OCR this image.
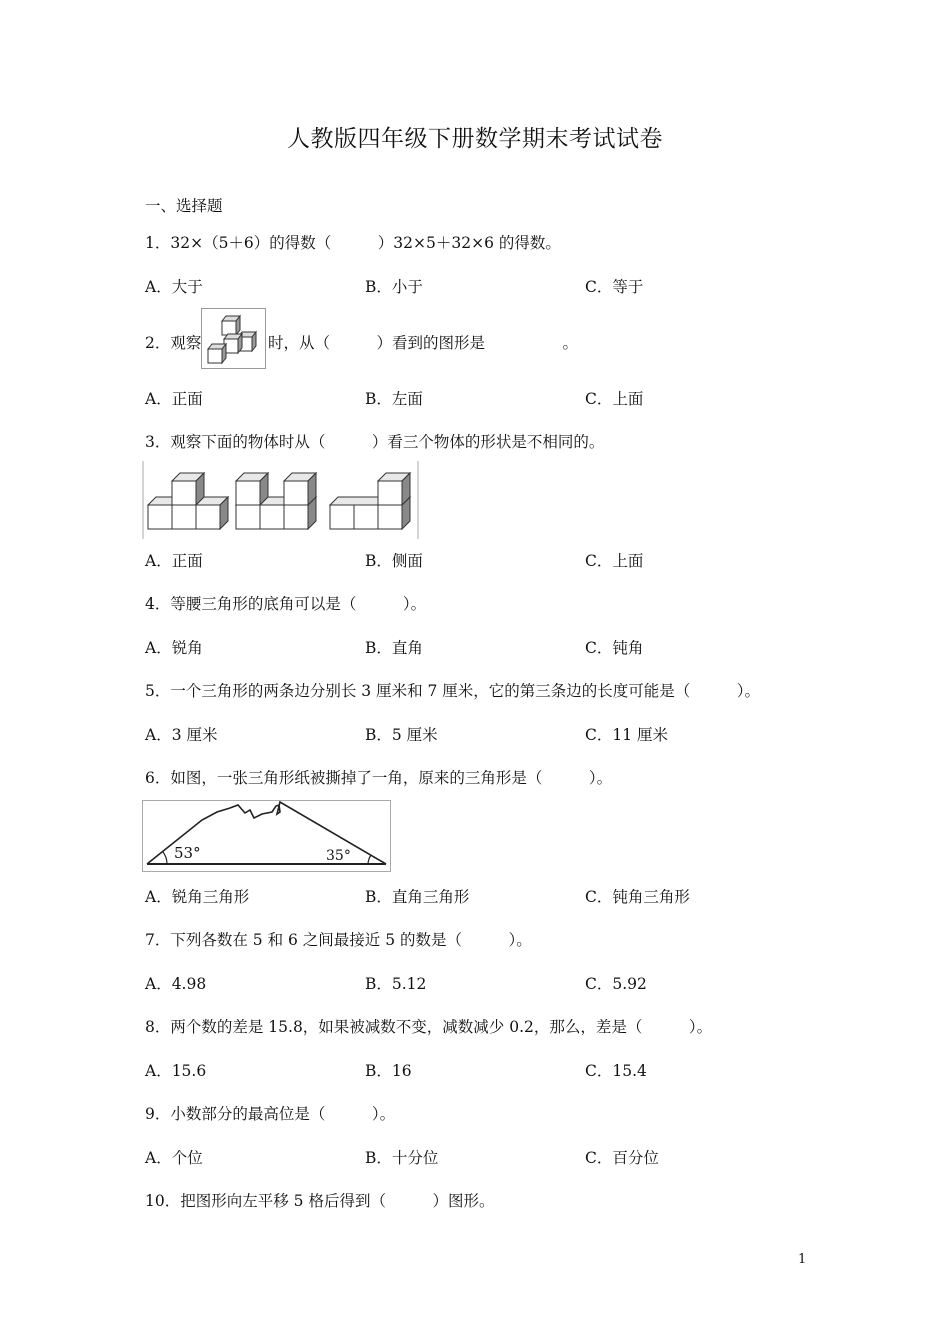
人教版四年级下册数学期末考试试卷
一、选择题
1．32×（5＋6）的得数（　　　）32×5＋32×6 的得数。
A．大于	B．小于	C．等于
2．观察	时，从（　　　）看到的图形是　　　　　。
A．正面	B．左面	C．上面
3．观察下面的物体时从（　　　）看三个物体的形状是不相同的。
A．正面	B．侧面	C．上面
4．等腰三角形的底角可以是（　　　）。
A．锐角	B．直角	C．钝角
5．一个三角形的两条边分别长 3 厘米和 7 厘米，它的第三条边的长度可能是（　　　）。
A．3 厘米	B．5 厘米	C．11 厘米
6．如图，一张三角形纸被撕掉了一角，原来的三角形是（　　　）。
53°	35°
A．锐角三角形	B．直角三角形	C．钝角三角形
7．下列各数在 5 和 6 之间最接近 5 的数是（　　　）。
A．4.98	B．5.12	C．5.92
8．两个数的差是 15.8，如果被减数不变，减数减少 0.2，那么，差是（　　　）。
A．15.6	B．16	C．15.4
9．小数部分的最高位是（　　　）。
A．个位	B．十分位	C．百分位
10．把图形向左平移 5 格后得到（　　　）图形。
1
